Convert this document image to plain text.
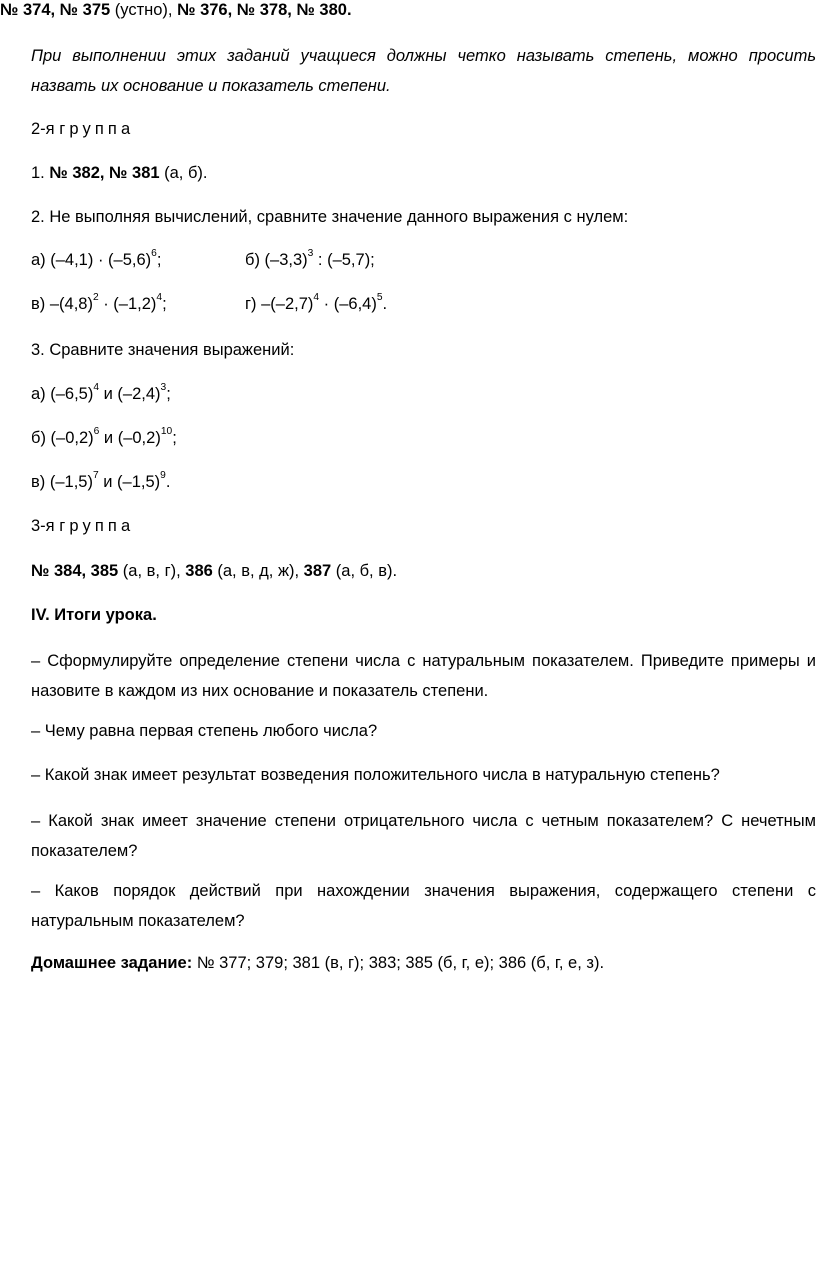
№ 374, № 375 (устно), № 376, № 378, № 380.

При выполнении этих заданий учащиеся должны четко называть степень, можно просить назвать их основание и показатель степени.

2-я группа

1. № 382, № 381 (а, б).

2. Не выполняя вычислений, сравните значение данного выражения с нулем:

а) $(-4,1) \cdot (-5,6)^6$;	б) $(-3,3)^3$ : (–5,7);

в) $-(4,8)^2 \cdot (-1,2)^4$;	г) $-(-2,7)^4 \cdot (-6,4)^5$.

3. Сравните значения выражений:

а) $(-6,5)^4$ и $(-2,4)^3$;

б) $(-0,2)^6$ и $(-0,2)^{10}$;

в) $(-1,5)^7$ и $(-1,5)^9$.

3-я группа

№ 384, 385 (а, в, г), 386 (а, в, д, ж), 387 (а, б, в).

IV. Итоги урока.

– Сформулируйте определение степени числа с натуральным показателем. Приведите примеры и назовите в каждом из них основание и показатель степени.

– Чему равна первая степень любого числа?

– Какой знак имеет результат возведения положительного числа в натуральную степень?

– Какой знак имеет значение степени отрицательного числа с четным показателем? С нечетным показателем?

– Каков порядок действий при нахождении значения выражения, содержащего степени с натуральным показателем?

Домашнее задание: № 377; 379; 381 (в, г); 383; 385 (б, г, е); 386 (б, г, е, з).
